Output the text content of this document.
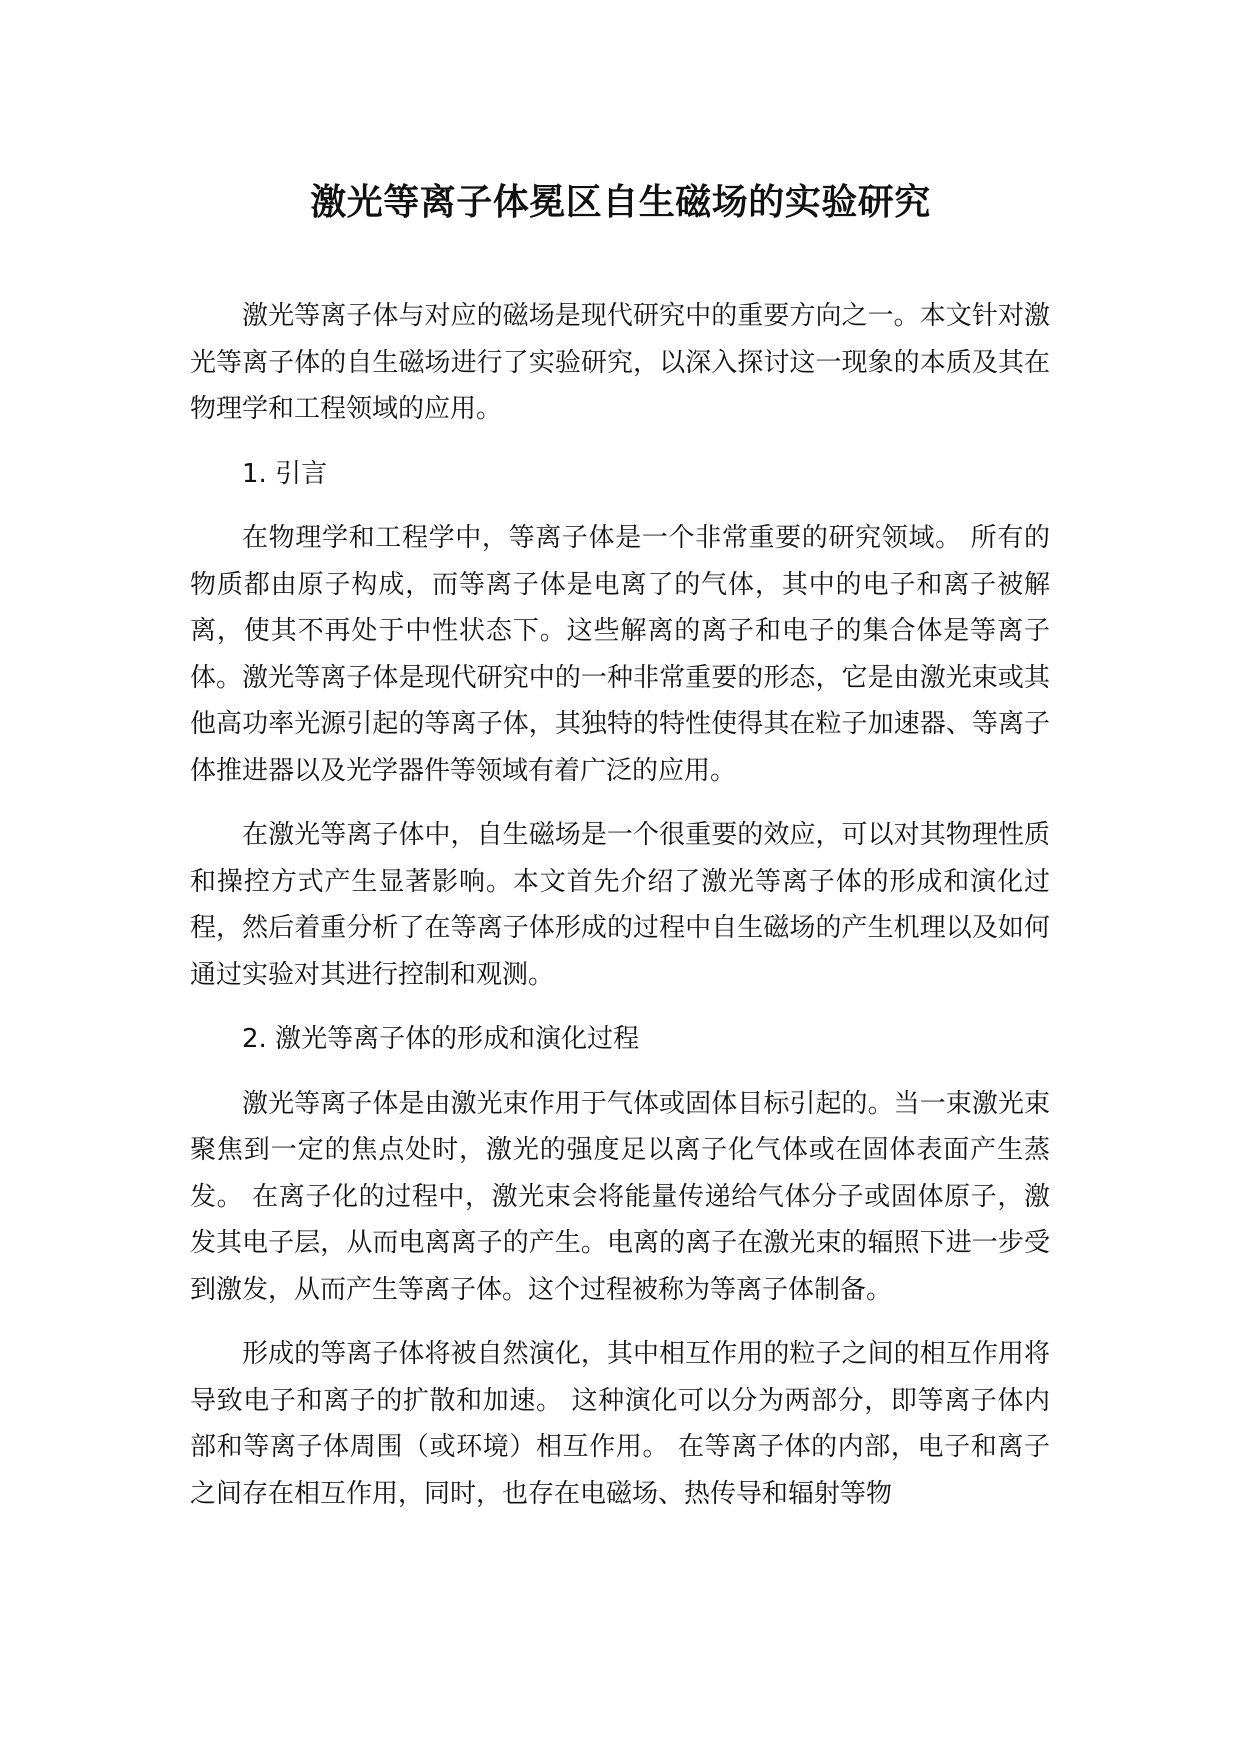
激光等离子体冕区自生磁场的实验研究

激光等离子体与对应的磁场是现代研究中的重要方向之一。本文针对激光等离子体的自生磁场进行了实验研究，以深入探讨这一现象的本质及其在物理学和工程领域的应用。

1. 引言

在物理学和工程学中，等离子体是一个非常重要的研究领域。 所有的物质都由原子构成，而等离子体是电离了的气体，其中的电子和离子被解离，使其不再处于中性状态下。这些解离的离子和电子的集合体是等离子体。激光等离子体是现代研究中的一种非常重要的形态，它是由激光束或其他高功率光源引起的等离子体，其独特的特性使得其在粒子加速器、等离子体推进器以及光学器件等领域有着广泛的应用。

在激光等离子体中，自生磁场是一个很重要的效应，可以对其物理性质和操控方式产生显著影响。本文首先介绍了激光等离子体的形成和演化过程，然后着重分析了在等离子体形成的过程中自生磁场的产生机理以及如何通过实验对其进行控制和观测。

2. 激光等离子体的形成和演化过程

激光等离子体是由激光束作用于气体或固体目标引起的。当一束激光束聚焦到一定的焦点处时，激光的强度足以离子化气体或在固体表面产生蒸发。 在离子化的过程中，激光束会将能量传递给气体分子或固体原子，激发其电子层，从而电离离子的产生。电离的离子在激光束的辐照下进一步受到激发，从而产生等离子体。这个过程被称为等离子体制备。

形成的等离子体将被自然演化，其中相互作用的粒子之间的相互作用将导致电子和离子的扩散和加速。 这种演化可以分为两部分，即等离子体内部和等离子体周围（或环境）相互作用。 在等离子体的内部，电子和离子之间存在相互作用，同时，也存在电磁场、热传导和辐射等物
